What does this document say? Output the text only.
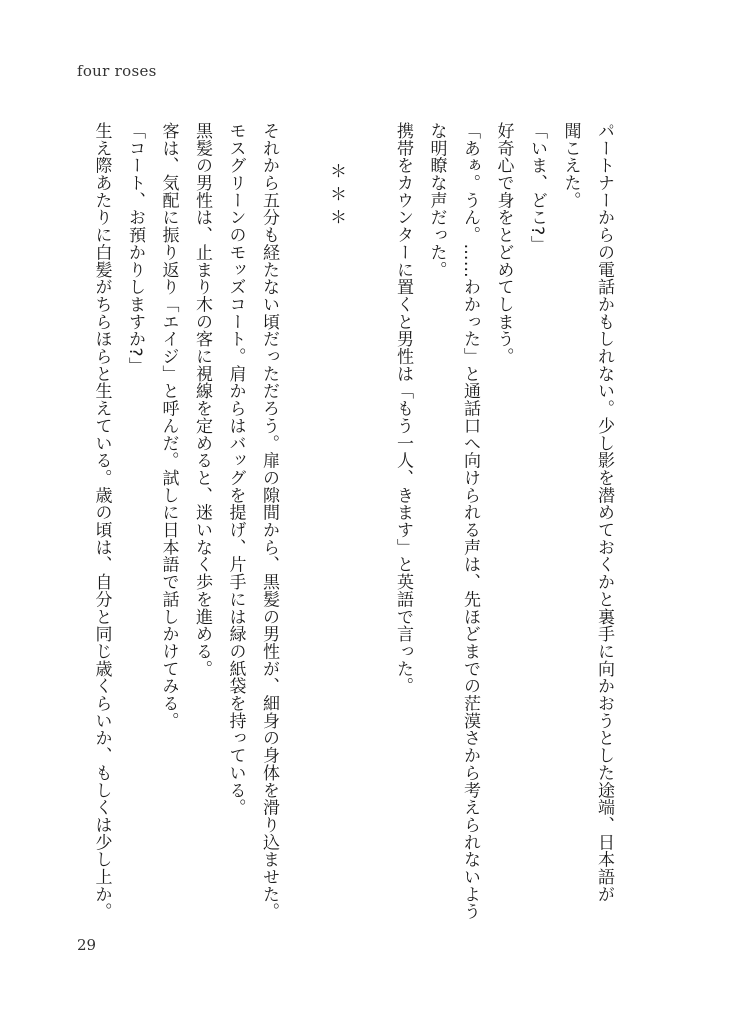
four roses
パートナーからの電話かもしれない。少し影を潜めておくかと裏手に向かおうとした途端、日本語が
聞こえた。
「いま、どこ?」
好奇心で身をとどめてしまう。
「あぁ。うん。……わかった」と通話口へ向けられる声は、先ほどまでの茫漠さから考えられないよう
な明瞭な声だった。
携帯をカウンターに置くと男性は「もう一人、きます」と英語で言った。
＊＊＊
それから五分も経たない頃だっただろう。扉の隙間から、黒髪の男性が、細身の身体を滑り込ませた。
モスグリーンのモッズコート。肩からはバッグを提げ、片手には緑の紙袋を持っている。
黒髪の男性は、止まり木の客に視線を定めると、迷いなく歩を進める。
客は、気配に振り返り「エイジ」と呼んだ。試しに日本語で話しかけてみる。
「コート、お預かりしますか?」
生え際あたりに白髪がちらほらと生えている。歳の頃は、自分と同じ歳くらいか、もしくは少し上か。
29
